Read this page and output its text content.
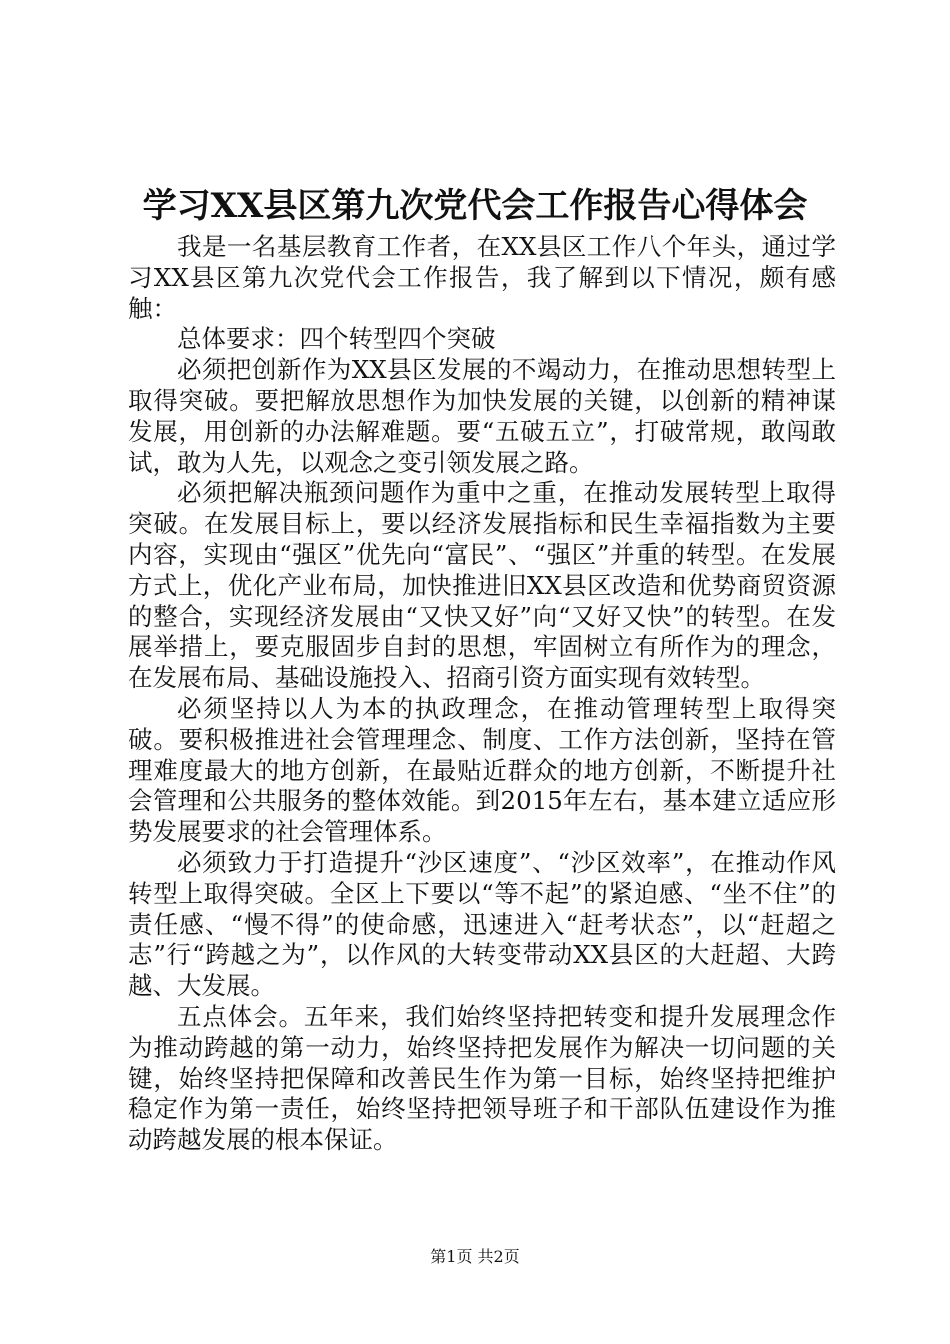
学习XX县区第九次党代会工作报告心得体会

我是一名基层教育工作者，在XX县区工作八个年头，通过学习XX县区第九次党代会工作报告，我了解到以下情况，颇有感触：

总体要求：四个转型四个突破

必须把创新作为XX县区发展的不竭动力，在推动思想转型上取得突破。要把解放思想作为加快发展的关键，以创新的精神谋发展，用创新的办法解难题。要“五破五立”，打破常规，敢闯敢试，敢为人先，以观念之变引领发展之路。

必须把解决瓶颈问题作为重中之重，在推动发展转型上取得突破。在发展目标上，要以经济发展指标和民生幸福指数为主要内容，实现由“强区”优先向“富民”、“强区”并重的转型。在发展方式上，优化产业布局，加快推进旧XX县区改造和优势商贸资源的整合，实现经济发展由“又快又好”向“又好又快”的转型。在发展举措上，要克服固步自封的思想，牢固树立有所作为的理念，在发展布局、基础设施投入、招商引资方面实现有效转型。

必须坚持以人为本的执政理念，在推动管理转型上取得突破。要积极推进社会管理理念、制度、工作方法创新，坚持在管理难度最大的地方创新，在最贴近群众的地方创新，不断提升社会管理和公共服务的整体效能。到2015年左右，基本建立适应形势发展要求的社会管理体系。

必须致力于打造提升“沙区速度”、“沙区效率”，在推动作风转型上取得突破。全区上下要以“等不起”的紧迫感、“坐不住”的责任感、“慢不得”的使命感，迅速进入“赶考状态”，以“赶超之志”行“跨越之为”，以作风的大转变带动XX县区的大赶超、大跨越、大发展。

五点体会。五年来，我们始终坚持把转变和提升发展理念作为推动跨越的第一动力，始终坚持把发展作为解决一切问题的关键，始终坚持把保障和改善民生作为第一目标，始终坚持把维护稳定作为第一责任，始终坚持把领导班子和干部队伍建设作为推动跨越发展的根本保证。

第1页 共2页
